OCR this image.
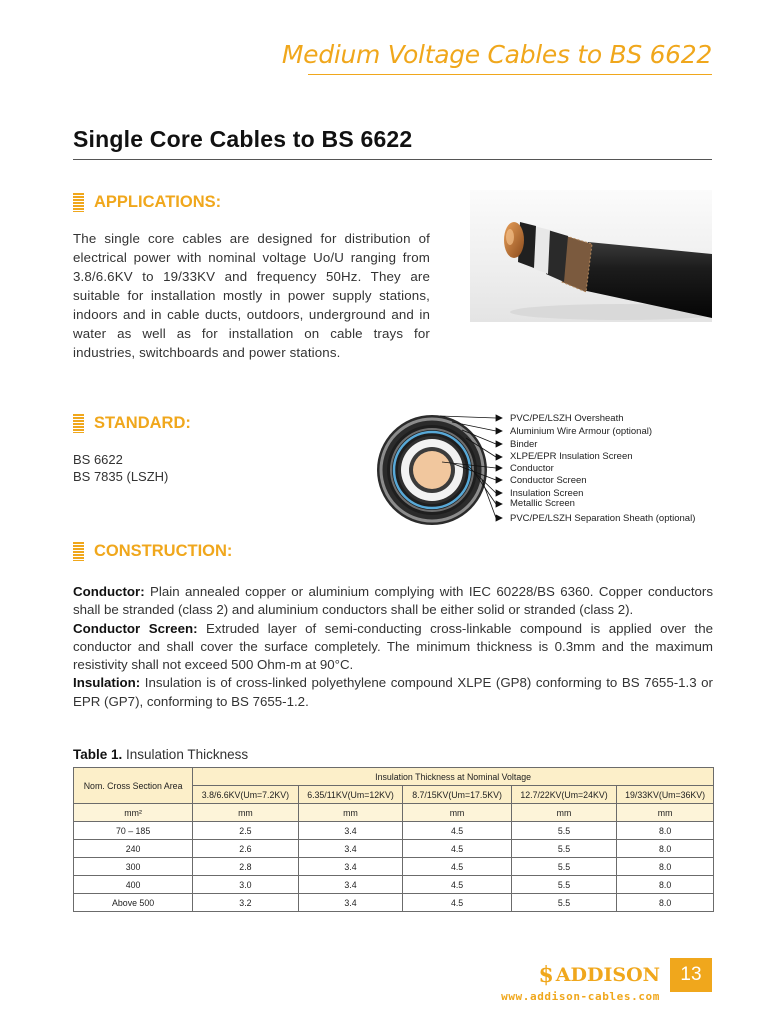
Medium Voltage Cables to BS 6622
Single Core Cables to BS 6622
APPLICATIONS:

The single core cables are designed for distribution of electrical power with nominal voltage Uo/U ranging from 3.8/6.6KV to 19/33KV and frequency 50Hz. They are suitable for installation mostly in power supply stations, indoors and in cable ducts, outdoors, underground and in water as well as for installation on cable trays for industries, switchboards and power stations.

STANDARD:
BS 6622
BS 7835 (LSZH)
PVC/PE/LSZH Oversheath
Aluminium Wire Armour (optional)
Binder
XLPE/EPR Insulation Screen
Conductor
Conductor Screen
Insulation Screen
Metallic Screen
PVC/PE/LSZH Separation Sheath (optional)
CONSTRUCTION:
Conductor: Plain annealed copper or aluminium complying with IEC 60228/BS 6360. Copper conductors shall be stranded (class 2) and aluminium conductors shall be either solid or stranded (class 2).
Conductor Screen: Extruded layer of semi-conducting cross-linkable compound is applied over the conductor and shall cover the surface completely. The minimum thickness is 0.3mm and the maximum resistivity shall not exceed 500 Ohm-m at 90°C.
Insulation: Insulation is of cross-linked polyethylene compound XLPE (GP8) conforming to BS 7655-1.3 or EPR (GP7), conforming to BS 7655-1.2.
Table 1. Insulation Thickness
Nom. Cross Section Area	Insulation Thickness at Nominal Voltage				
	3.8/6.6KV(Um=7.2KV)	6.35/11KV(Um=12KV)	8.7/15KV(Um=17.5KV)	12.7/22KV(Um=24KV)	19/33KV(Um=36KV)
mm²	mm	mm	mm	mm	mm
70 – 185	2.5	3.4	4.5	5.5	8.0
240	2.6	3.4	4.5	5.5	8.0
300	2.8	3.4	4.5	5.5	8.0
400	3.0	3.4	4.5	5.5	8.0
Above 500	3.2	3.4	4.5	5.5	8.0
$ ADDISON	13
www.addison-cables.com
